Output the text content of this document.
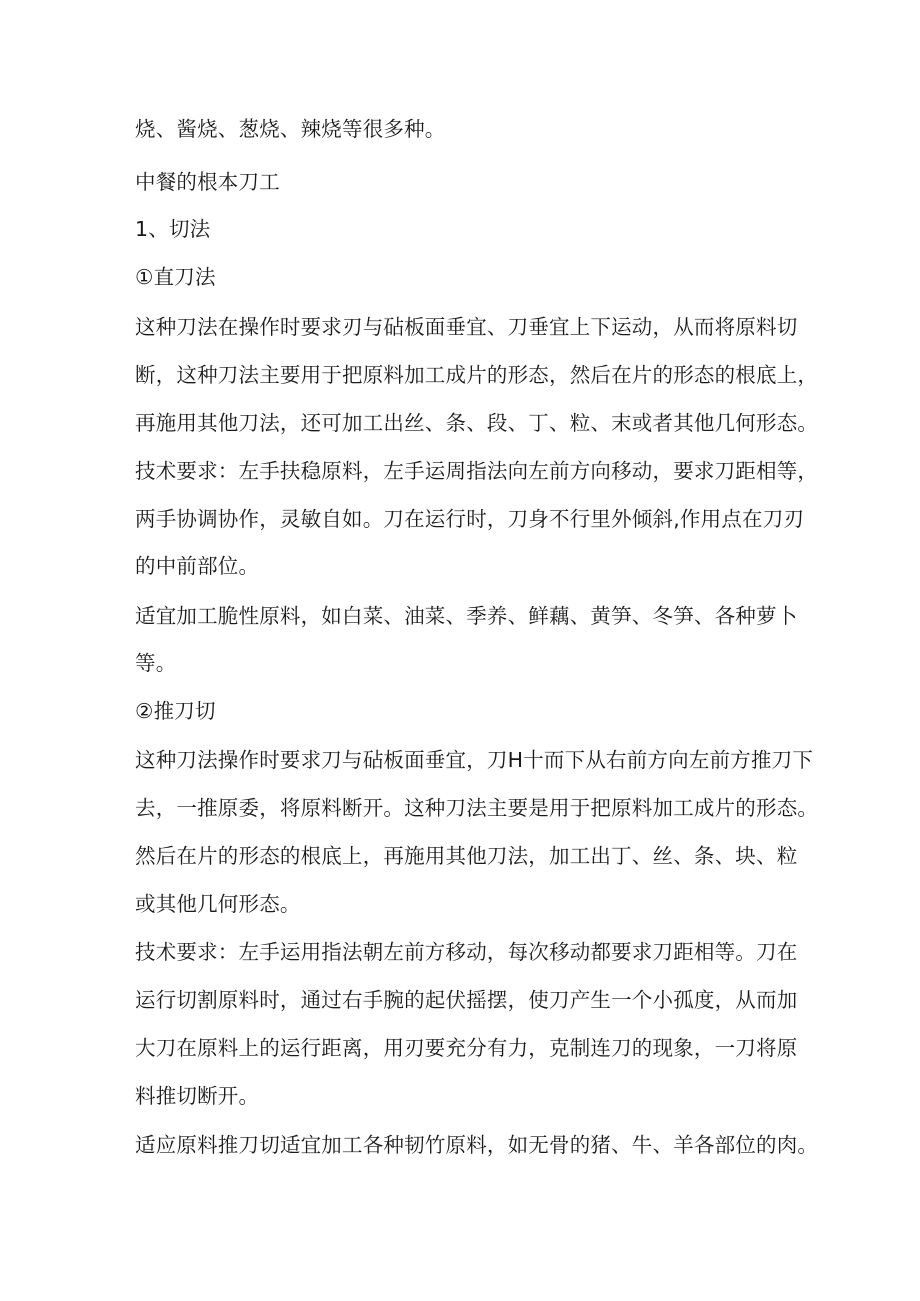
烧、酱烧、葱烧、辣烧等很多种。
中餐的根本刀工
1、切法
①直刀法
这种刀法在操作时要求刃与砧板面垂宜、刀垂宜上下运动，从而将原料切
断，这种刀法主要用于把原料加工成片的形态，然后在片的形态的根底上，
再施用其他刀法，还可加工出丝、条、段、丁、粒、末或者其他几何形态。
技术要求：左手扶稳原料，左手运周指法向左前方向移动，要求刀距相等，
两手协调协作，灵敏自如。刀在运行时，刀身不行里外倾斜,作用点在刀刃
的中前部位。
适宜加工脆性原料，如白菜、油菜、季养、鲜藕、黄笋、冬笋、各种萝卜
等。
②推刀切
这种刀法操作时要求刀与砧板面垂宜，刀H十而下从右前方向左前方推刀下
去，一推原委，将原料断开。这种刀法主要是用于把原料加工成片的形态。
然后在片的形态的根底上，再施用其他刀法，加工出丁、丝、条、块、粒
或其他几何形态。
技术要求：左手运用指法朝左前方移动，每次移动都要求刀距相等。刀在
运行切割原料时，通过右手腕的起伏摇摆，使刀产生一个小孤度，从而加
大刀在原料上的运行距离，用刃要充分有力，克制连刀的现象，一刀将原
料推切断开。
适应原料推刀切适宜加工各种韧竹原料，如无骨的猪、牛、羊各部位的肉。
